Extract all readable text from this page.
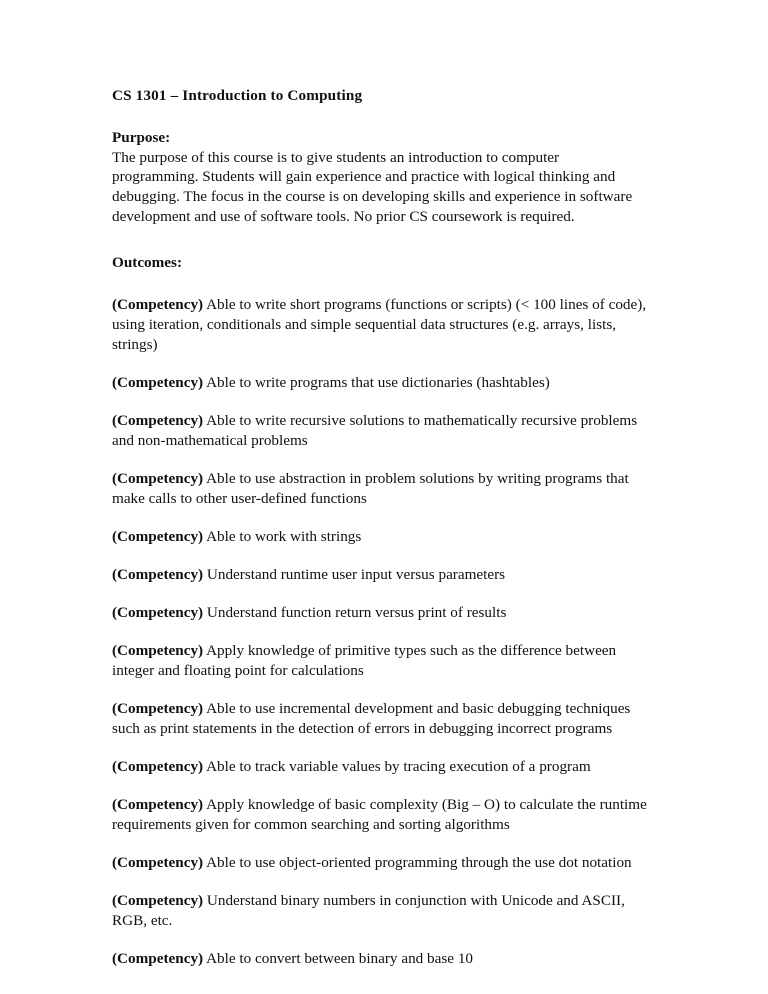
CS 1301 – Introduction to Computing
Purpose:

The purpose of this course is to give students an introduction to computer programming. Students will gain experience and practice with logical thinking and debugging. The focus in the course is on developing skills and experience in software development and use of software tools. No prior CS coursework is required.

Outcomes:

(Competency) Able to write short programs (functions or scripts) (< 100 lines of code), using iteration, conditionals and simple sequential data structures (e.g. arrays, lists, strings)

(Competency) Able to write programs that use dictionaries (hashtables)

(Competency) Able to write recursive solutions to mathematically recursive problems and non-mathematical problems

(Competency) Able to use abstraction in problem solutions by writing programs that make calls to other user-defined functions

(Competency) Able to work with strings

(Competency) Understand runtime user input versus parameters

(Competency) Understand function return versus print of results

(Competency) Apply knowledge of primitive types such as the difference between integer and floating point for calculations

(Competency) Able to use incremental development and basic debugging techniques such as print statements in the detection of errors in debugging incorrect programs

(Competency) Able to track variable values by tracing execution of a program

(Competency) Apply knowledge of basic complexity (Big – O) to calculate the runtime requirements given for common searching and sorting algorithms

(Competency) Able to use object-oriented programming through the use dot notation

(Competency) Understand binary numbers in conjunction with Unicode and ASCII, RGB, etc.

(Competency) Able to convert between binary and base 10
